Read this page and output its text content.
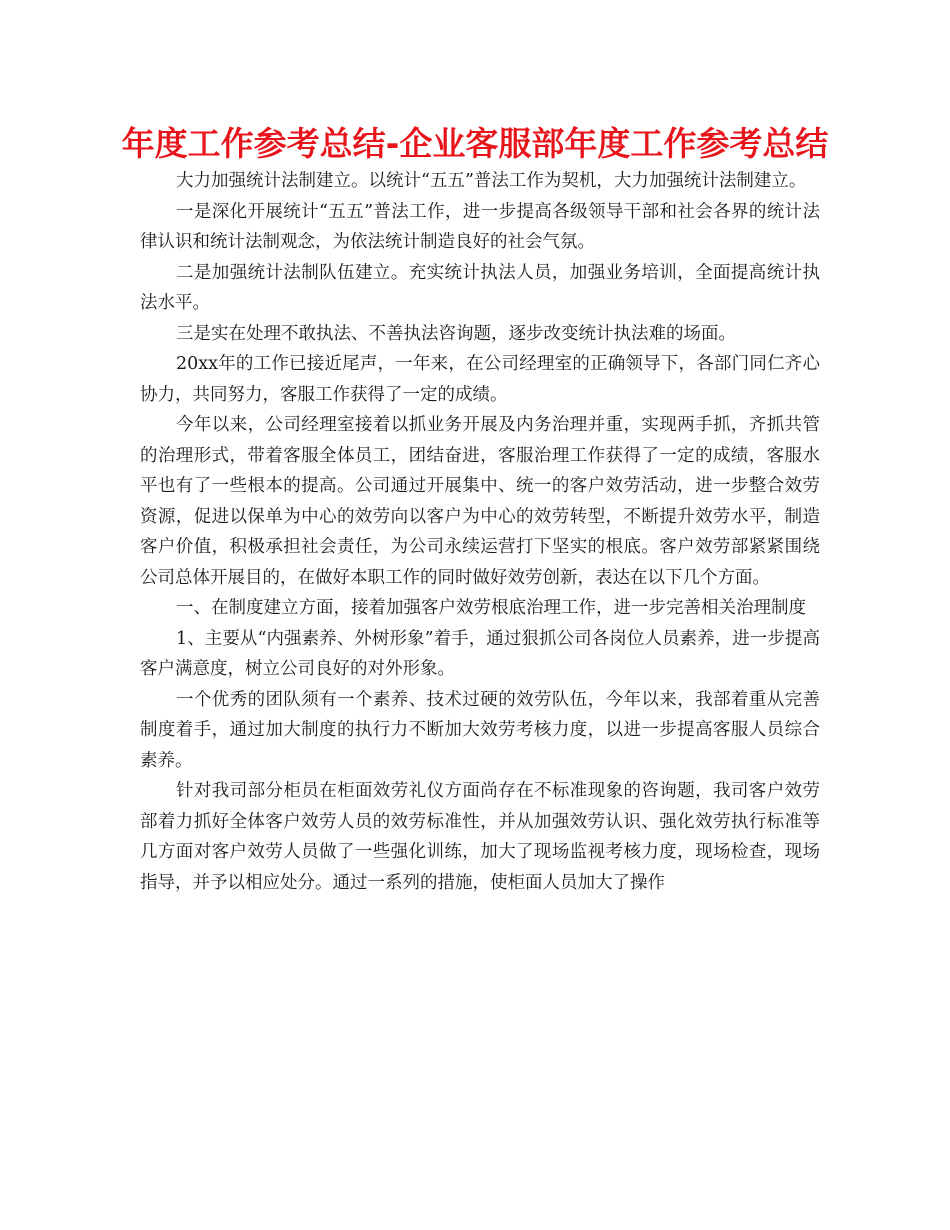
年度工作参考总结-企业客服部年度工作参考总结

大力加强统计法制建立。以统计“五五”普法工作为契机，大力加强统计法制建立。

一是深化开展统计“五五”普法工作，进一步提高各级领导干部和社会各界的统计法律认识和统计法制观念，为依法统计制造良好的社会气氛。

二是加强统计法制队伍建立。充实统计执法人员，加强业务培训，全面提高统计执法水平。

三是实在处理不敢执法、不善执法咨询题，逐步改变统计执法难的场面。

20xx年的工作已接近尾声，一年来，在公司经理室的正确领导下，各部门同仁齐心协力，共同努力，客服工作获得了一定的成绩。

今年以来，公司经理室接着以抓业务开展及内务治理并重，实现两手抓，齐抓共管的治理形式，带着客服全体员工，团结奋进，客服治理工作获得了一定的成绩，客服水平也有了一些根本的提高。公司通过开展集中、统一的客户效劳活动，进一步整合效劳资源，促进以保单为中心的效劳向以客户为中心的效劳转型，不断提升效劳水平，制造客户价值，积极承担社会责任，为公司永续运营打下坚实的根底。客户效劳部紧紧围绕公司总体开展目的，在做好本职工作的同时做好效劳创新，表达在以下几个方面。

一、在制度建立方面，接着加强客户效劳根底治理工作，进一步完善相关治理制度

1、主要从“内强素养、外树形象”着手，通过狠抓公司各岗位人员素养，进一步提高客户满意度，树立公司良好的对外形象。

一个优秀的团队须有一个素养、技术过硬的效劳队伍，今年以来，我部着重从完善制度着手，通过加大制度的执行力不断加大效劳考核力度，以进一步提高客服人员综合素养。

针对我司部分柜员在柜面效劳礼仪方面尚存在不标准现象的咨询题，我司客户效劳部着力抓好全体客户效劳人员的效劳标准性，并从加强效劳认识、强化效劳执行标准等几方面对客户效劳人员做了一些强化训练，加大了现场监视考核力度，现场检查，现场指导，并予以相应处分。通过一系列的措施，使柜面人员加大了操作
